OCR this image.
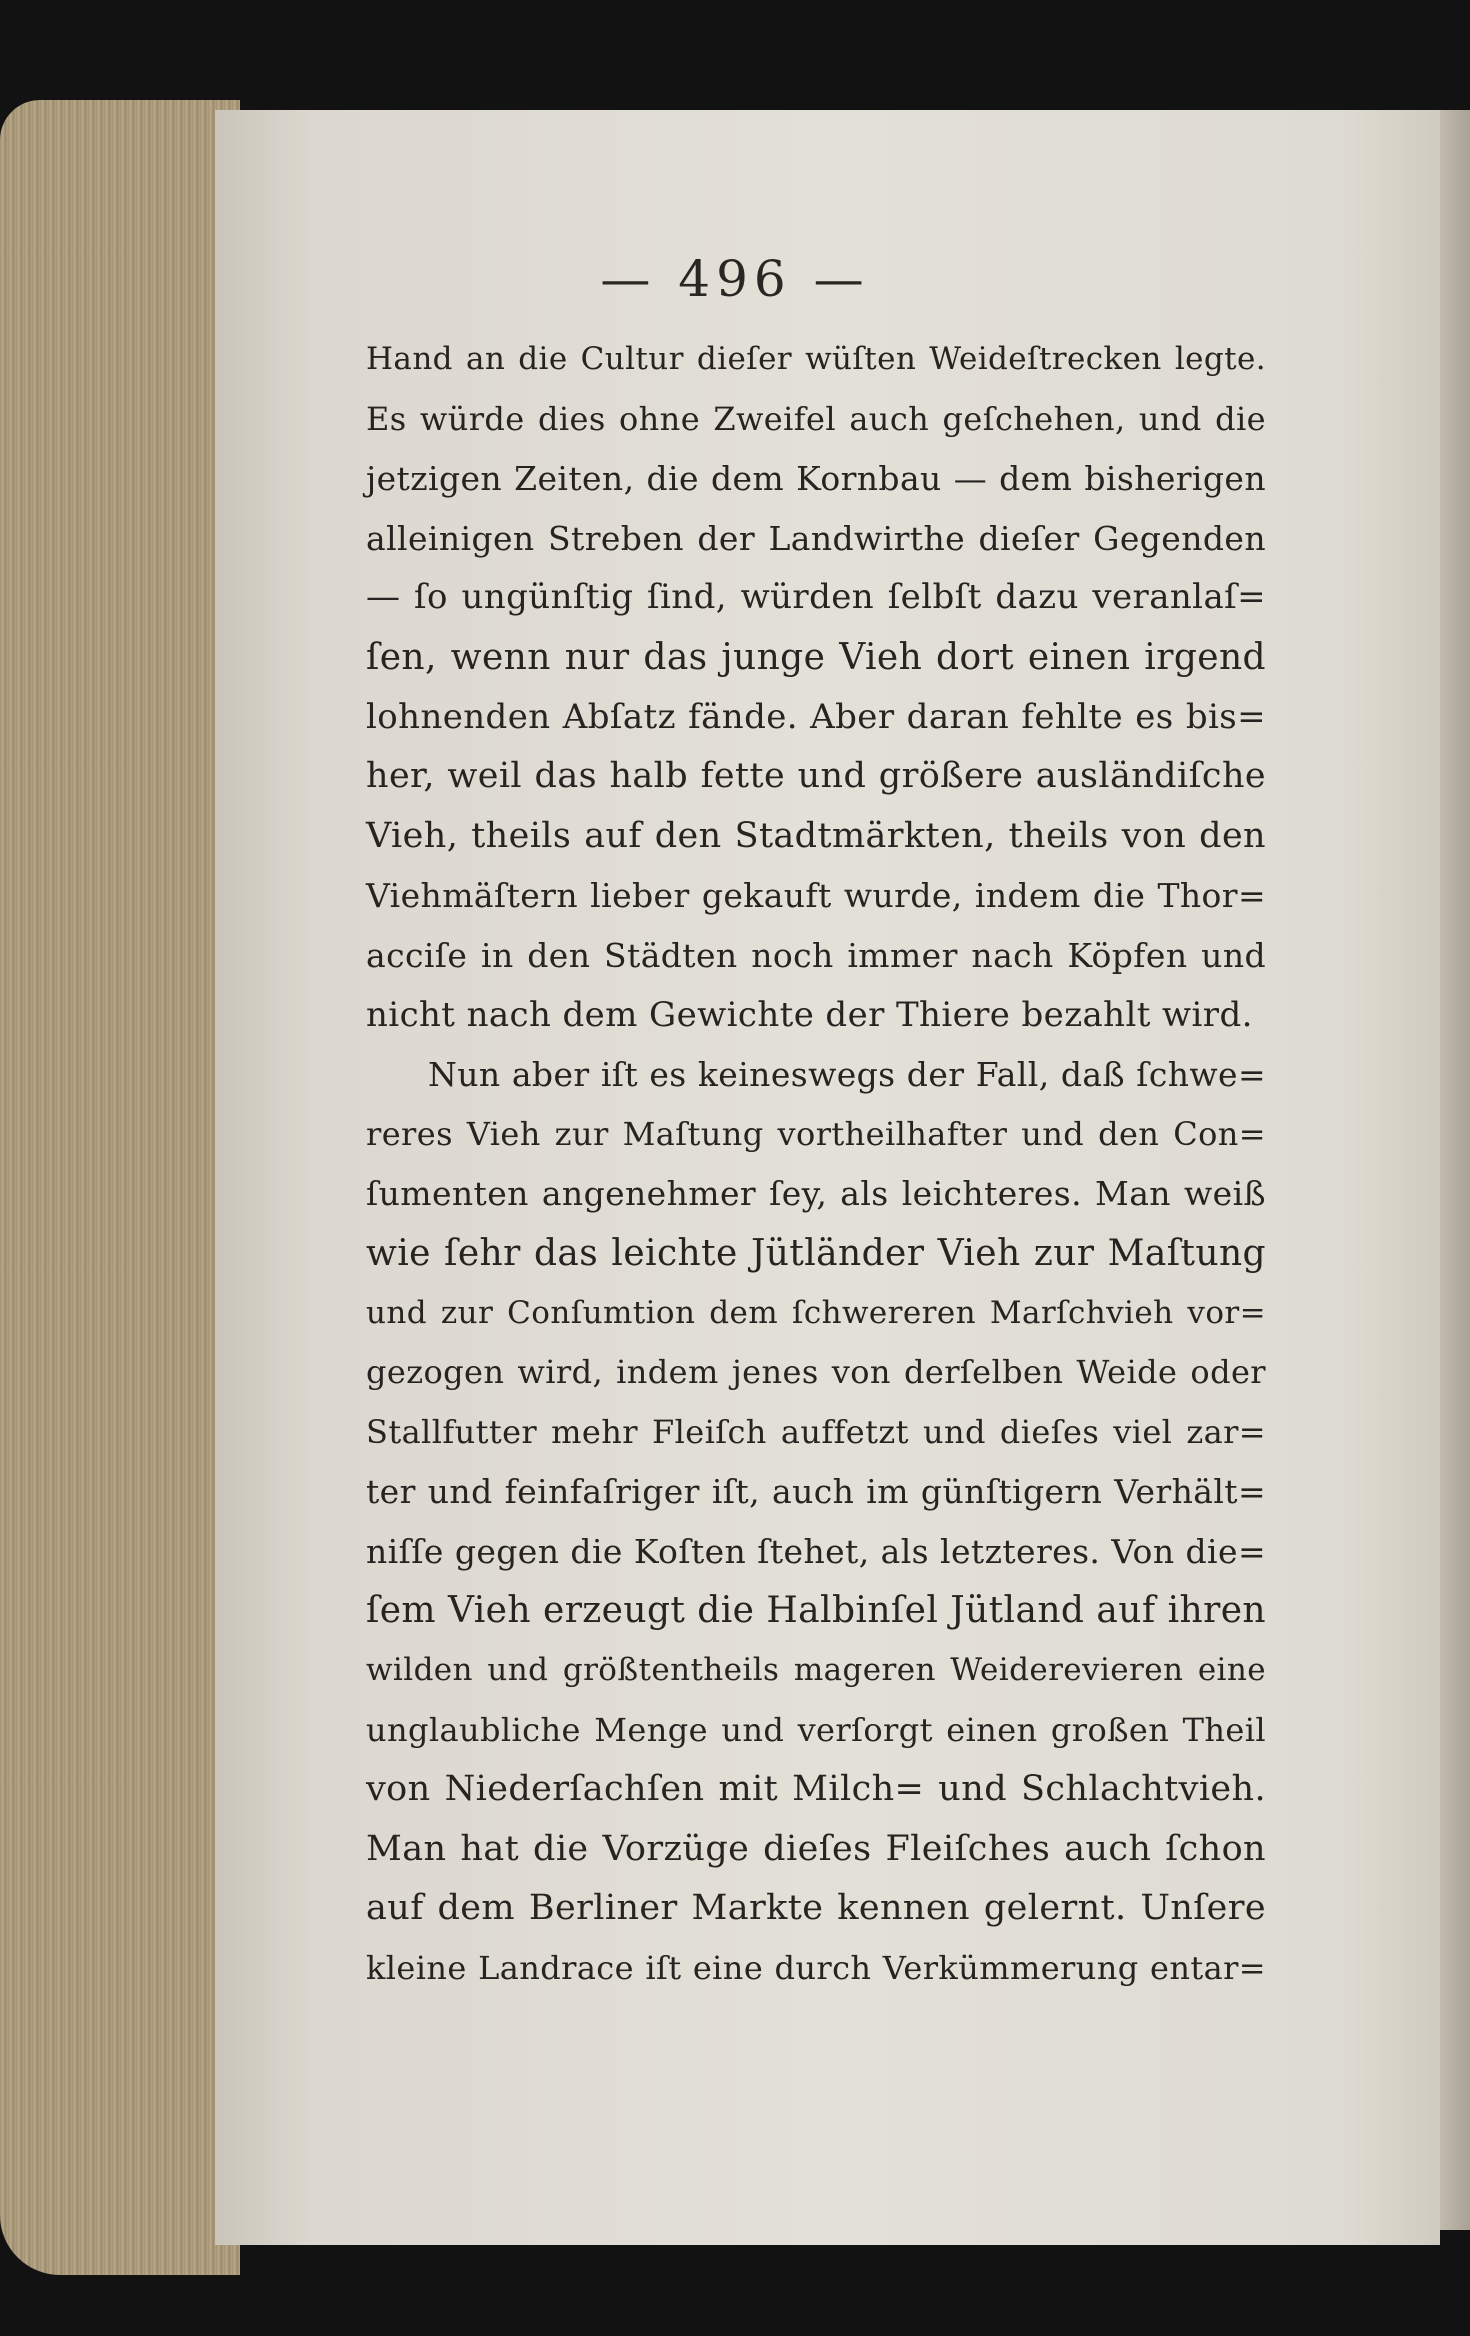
— 496 —
Hand an die Cultur dieſer wüſten Weideſtrecken legte.
Es würde dies ohne Zweifel auch geſchehen, und die
jetzigen Zeiten, die dem Kornbau — dem bisherigen
alleinigen Streben der Landwirthe dieſer Gegenden
— ſo ungünſtig ſind, würden ſelbſt dazu veranlaſ=
ſen, wenn nur das junge Vieh dort einen irgend
lohnenden Abſatz fände. Aber daran fehlte es bis=
her, weil das halb fette und größere ausländiſche
Vieh, theils auf den Stadtmärkten, theils von den
Viehmäſtern lieber gekauft wurde, indem die Thor=
acciſe in den Städten noch immer nach Köpfen und
nicht nach dem Gewichte der Thiere bezahlt wird.
Nun aber iſt es keineswegs der Fall, daß ſchwe=
reres Vieh zur Maſtung vortheilhafter und den Con=
ſumenten angenehmer ſey, als leichteres. Man weiß
wie ſehr das leichte Jütländer Vieh zur Maſtung
und zur Conſumtion dem ſchwereren Marſchvieh vor=
gezogen wird, indem jenes von derſelben Weide oder
Stallfutter mehr Fleiſch auffetzt und dieſes viel zar=
ter und feinfaſriger iſt, auch im günſtigern Verhält=
niſſe gegen die Koſten ſtehet, als letzteres. Von die=
ſem Vieh erzeugt die Halbinſel Jütland auf ihren
wilden und größtentheils mageren Weiderevieren eine
unglaubliche Menge und verſorgt einen großen Theil
von Niederſachſen mit Milch= und Schlachtvieh.
Man hat die Vorzüge dieſes Fleiſches auch ſchon
auf dem Berliner Markte kennen gelernt. Unſere
kleine Landrace iſt eine durch Verkümmerung entar=
